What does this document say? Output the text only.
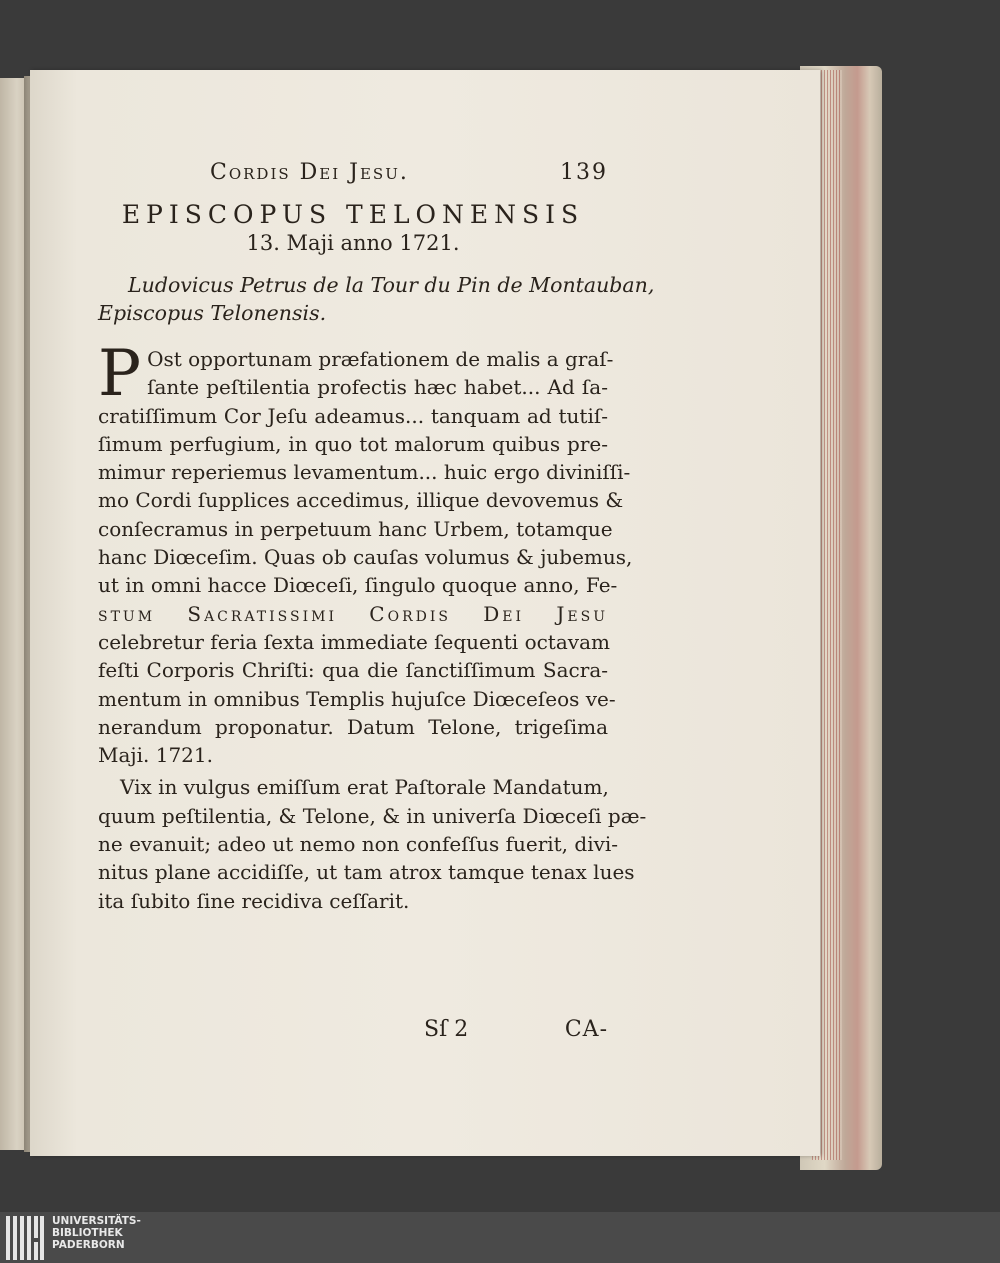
Cordis Dei Jesu.	139
EPISCOPUS TELONENSIS
13. Maji anno 1721.
Ludovicus Petrus de la Tour du Pin de Montauban,
Episcopus Telonensis.
P Ost opportunam præfationem de malis a graſ-
ſante peſtilentia profectis hæc habet... Ad ſa-
cratiſſimum Cor Jeſu adeamus... tanquam ad tutiſ-
ſimum perfugium, in quo tot malorum quibus pre-
mimur reperiemus levamentum... huic ergo diviniſſi-
mo Cordi ſupplices accedimus, illique devovemus &
conſecramus in perpetuum hanc Urbem, totamque
hanc Diœceſim. Quas ob cauſas volumus & jubemus,
ut in omni hacce Diœceſi, ſingulo quoque anno, Fe-
stum Sacratissimi Cordis Dei Jesu
celebretur feria ſexta immediate ſequenti octavam
feſti Corporis Chriſti: qua die ſanctiſſimum Sacra-
mentum in omnibus Templis hujuſce Diœceſeos ve-
nerandum proponatur. Datum Telone, trigeſima
Maji. 1721.
Vix in vulgus emiſſum erat Paſtorale Mandatum,
quum peſtilentia, & Telone, & in univerſa Diœceſi pæ-
ne evanuit; adeo ut nemo non confeſſus fuerit, divi-
nitus plane accidiſſe, ut tam atrox tamque tenax lues
ita ſubito ſine recidiva ceſſarit.
Sſ 2	CA-
UNIVERSITÄTS-
BIBLIOTHEK
PADERBORN
